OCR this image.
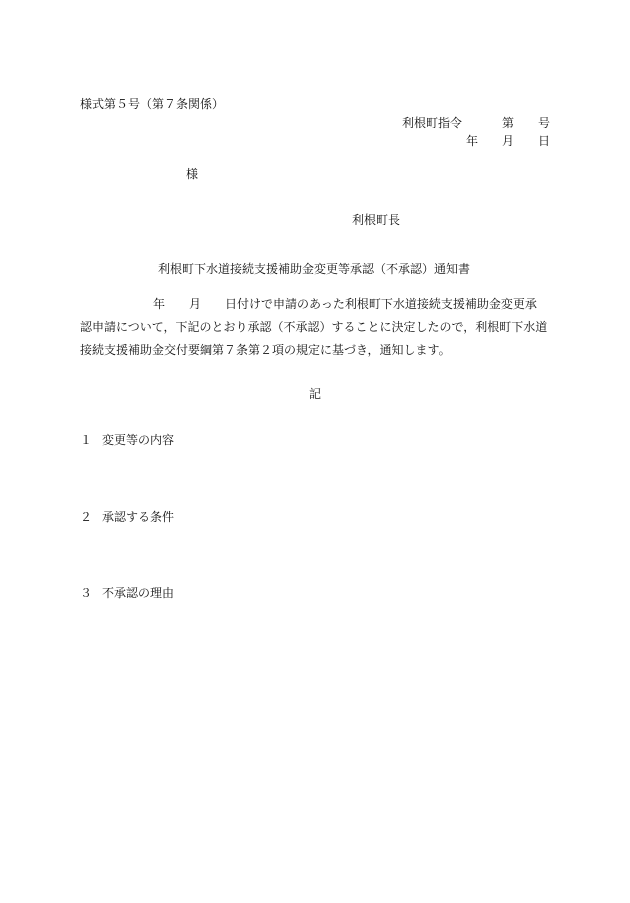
様式第５号（第７条関係）
利根町指令	第 号
年 月 日
様
利根町長
利根町下水道接続支援補助金変更等承認（不承認）通知書
年 月 日付けで申請のあった利根町下水道接続支援補助金変更承
認申請について，下記のとおり承認（不承認）することに決定したので，利根町下水道
接続支援補助金交付要綱第７条第２項の規定に基づき，通知します。
記
１ 変更等の内容
２ 承認する条件
３ 不承認の理由
